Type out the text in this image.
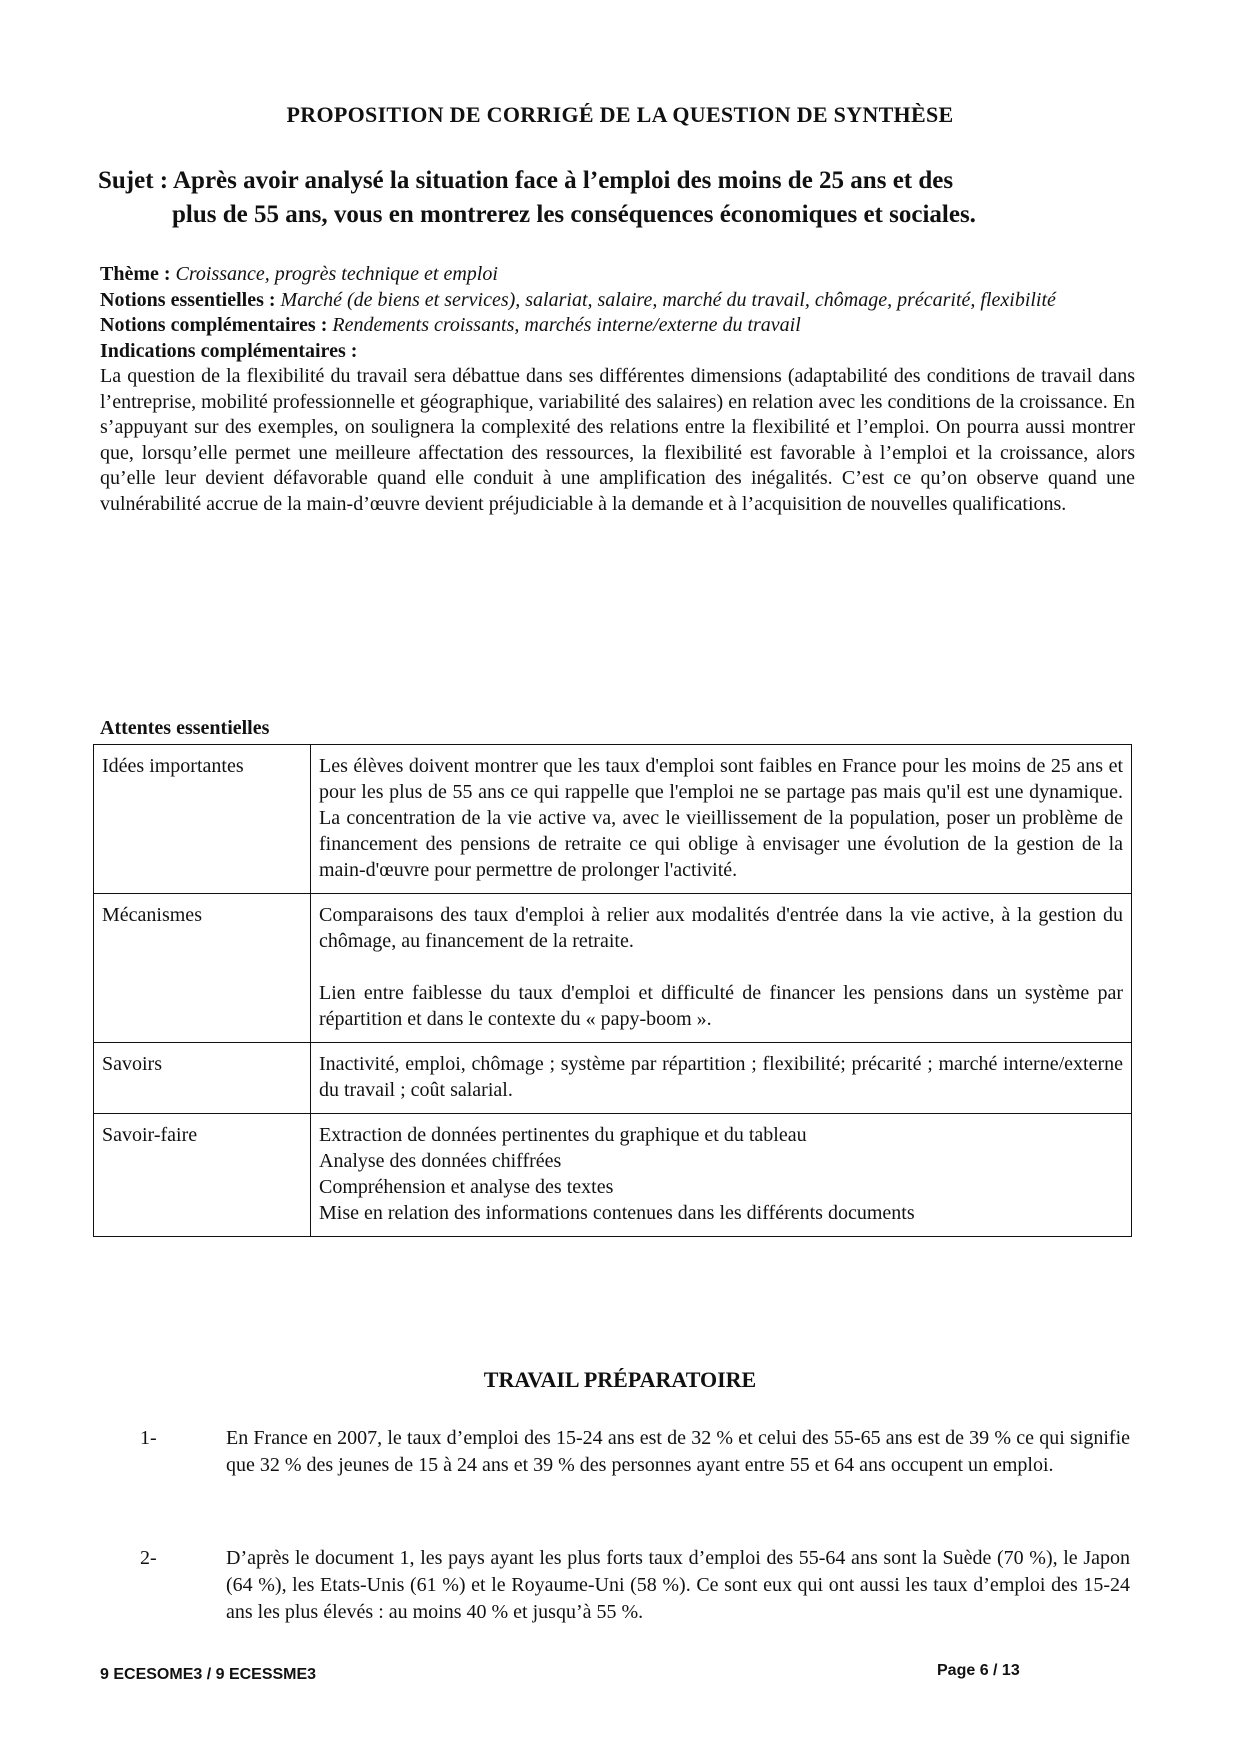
PROPOSITION DE CORRIGÉ DE LA QUESTION DE SYNTHÈSE
Sujet : Après avoir analysé la situation face à l’emploi des moins de 25 ans et des
plus de 55 ans, vous en montrerez les conséquences économiques et sociales.

Thème : Croissance, progrès technique et emploi

Notions essentielles : Marché (de biens et services), salariat, salaire, marché du travail, chômage, précarité, flexibilité

Notions complémentaires : Rendements croissants, marchés interne/externe du travail

Indications complémentaires :

La question de la flexibilité du travail sera débattue dans ses différentes dimensions (adaptabilité des conditions de travail dans l’entreprise, mobilité professionnelle et géographique, variabilité des salaires) en relation avec les conditions de la croissance. En s’appuyant sur des exemples, on soulignera la complexité des relations entre la flexibilité et l’emploi. On pourra aussi montrer que, lorsqu’elle permet une meilleure affectation des ressources, la flexibilité est favorable à l’emploi et la croissance, alors qu’elle leur devient défavorable quand elle conduit à une amplification des inégalités. C’est ce qu’on observe quand une vulnérabilité accrue de la main-d’œuvre devient préjudiciable à la demande et à l’acquisition de nouvelles qualifications.

Attentes essentielles
Idées importantes	Les élèves doivent montrer que les taux d'emploi sont faibles en France pour les moins de 25 ans et pour les plus de 55 ans ce qui rappelle que l'emploi ne se partage pas mais qu'il est une dynamique. La concentration de la vie active va, avec le vieillissement de la population, poser un problème de financement des pensions de retraite ce qui oblige à envisager une évolution de la gestion de la main-d'œuvre pour permettre de prolonger l'activité.

Mécanismes	Comparaisons des taux d'emploi à relier aux modalités d'entrée dans la vie active, à la gestion du chômage, au financement de la retraite.

Lien entre faiblesse du taux d'emploi et difficulté de financer les pensions dans un système par répartition et dans le contexte du « papy-boom ».

Savoirs	Inactivité, emploi, chômage ; système par répartition ; flexibilité; précarité ; marché interne/externe du travail ; coût salarial.

Savoir-faire	Extraction de données pertinentes du graphique et du tableau

Analyse des données chiffrées

Compréhension et analyse des textes

Mise en relation des informations contenues dans les différents documents

TRAVAIL PRÉPARATOIRE
1-	En France en 2007, le taux d’emploi des 15-24 ans est de 32 % et celui des 55-65 ans est de 39 % ce qui signifie que 32 % des jeunes de 15 à 24 ans et 39 % des personnes ayant entre 55 et 64 ans occupent un emploi.
2-	D’après le document 1, les pays ayant les plus forts taux d’emploi des 55-64 ans sont la Suède (70 %), le Japon (64 %), les Etats-Unis (61 %) et le Royaume-Uni (58 %). Ce sont eux qui ont aussi les taux d’emploi des 15-24 ans les plus élevés : au moins 40 % et jusqu’à 55 %.
9 ECESOME3 / 9 ECESSME3	Page 6 / 13
